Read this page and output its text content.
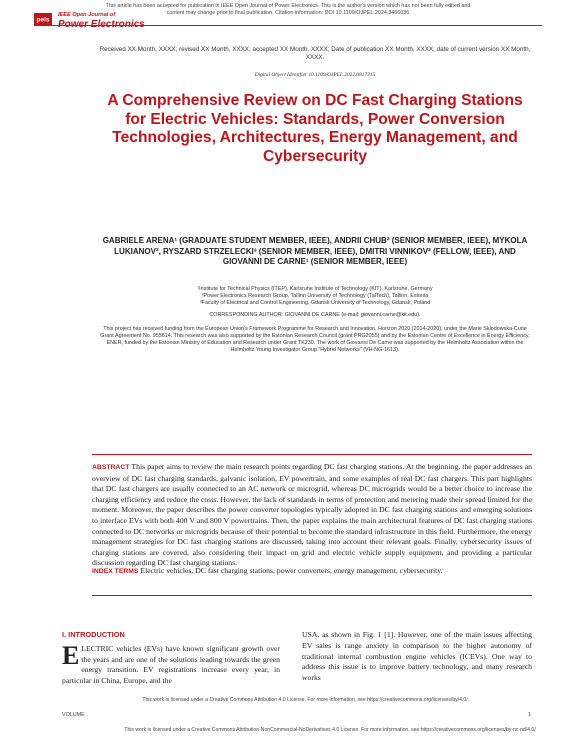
This article has been accepted for publication in IEEE Open Journal of Power Electronics. This is the author's version which has not been fully edited and content may change prior to final publication. Citation information: DOI 10.1109/OJPEL.2024.3466036
pels
IEEE Open Journal of
Received XX Month, XXXX; revised XX Month, XXXX; accepted XX Month, XXXX; Date of publication XX Month, XXXX; date of current version XX Month, XXXX.
Digital Object Identifier 10.1109/OJPEL.2022.0817315
A Comprehensive Review on DC Fast Charging Stations for Electric Vehicles: Standards, Power Conversion Technologies, Architectures, Energy Management, and Cybersecurity
GABRIELE ARENA¹ (GRADUATE STUDENT MEMBER, IEEE), ANDRII CHUB² (SENIOR MEMBER, IEEE), MYKOLA LUKIANOV², RYSZARD STRZELECKI³ (SENIOR MEMBER, IEEE), DMITRI VINNIKOV² (FELLOW, IEEE), AND GIOVANNI DE CARNE¹ (SENIOR MEMBER, IEEE)
¹Institute for Technical Physics (ITEP), Karlsruhe Institute of Technology (KIT), Karlsruhe, Germany
²Power Electronics Research Group, Tallinn University of Technology (TalTech), Tallinn, Estonia
³Faculty of Electrical and Control Engineering, Gdansk University of Technology, Gdansk, Poland
CORRESPONDING AUTHOR: GIOVANNI DE CARNE (e-mail: giovanni.carne@kit.edu).
This project has received funding from the European Union's Framework Programme for Research and Innovation, Horizon 2020 (2014-2020), under the Marie Sklodowska-Curie Grant Agreement No. 955614. This research was also supported by the Estonian Research Council (grant PRG2055) and by the Estonian Centre of Excellence in Energy Efficiency, ENER, funded by the Estonian Ministry of Education and Research under Grant TK230. The work of Giovanni De Carne was supported by the Helmholtz Association within the Helmholtz Young Investigator Group "Hybrid Networks" (VH-NG-1613).
ABSTRACT This paper aims to review the main research points regarding DC fast charging stations. At the beginning, the paper addresses an overview of DC fast charging standards, galvanic isolation, EV powertrain, and some examples of real DC fast chargers. This part highlights that DC fast chargers are usually connected to an AC network or microgrid, whereas DC microgrids would be a better choice to increase the charging efficiency and reduce the costs. However, the lack of standards in terms of protection and metering made their spread limited for the moment. Moreover, the paper describes the power converter topologies typically adopted in DC fast charging stations and emerging solutions to interface EVs with both 400 V and 800 V powertrains. Then, the paper explains the main architectural features of DC fast charging stations connected to DC networks or microgrids because of their potential to become the standard infrastructure in this field. Furthermore, the energy management strategies for DC fast charging stations are discussed, taking into account their relevant goals. Finally, cybersecurity issues of charging stations are covered, also considering their impact on grid and electric vehicle supply equipment, and providing a particular discussion regarding DC fast charging stations.
INDEX TERMS Electric vehicles, DC fast charging stations, power converters, energy management, cybersecurity.
I. INTRODUCTION
E LECTRIC vehicles (EVs) have known significant growth over the years and are one of the solutions leading towards the green energy transition. EV registrations increase every year, in particular in China, Europe, and the
USA, as shown in Fig. 1 [1]. However, one of the main issues affecting EV sales is range anxiety in comparison to the higher autonomy of traditional internal combustion engine vehicles (ICEVs). One way to address this issue is to improve battery technology, and many research works
This work is licensed under a Creative Commons Attribution 4.0 License. For more information, see https://creativecommons.org/licenses/by/4.0/
VOLUME ,	1
This work is licensed under a Creative Commons Attribution-NonCommercial-NoDerivatives 4.0 License. For more information, see https://creativecommons.org/licenses/by-nc-nd/4.0/
